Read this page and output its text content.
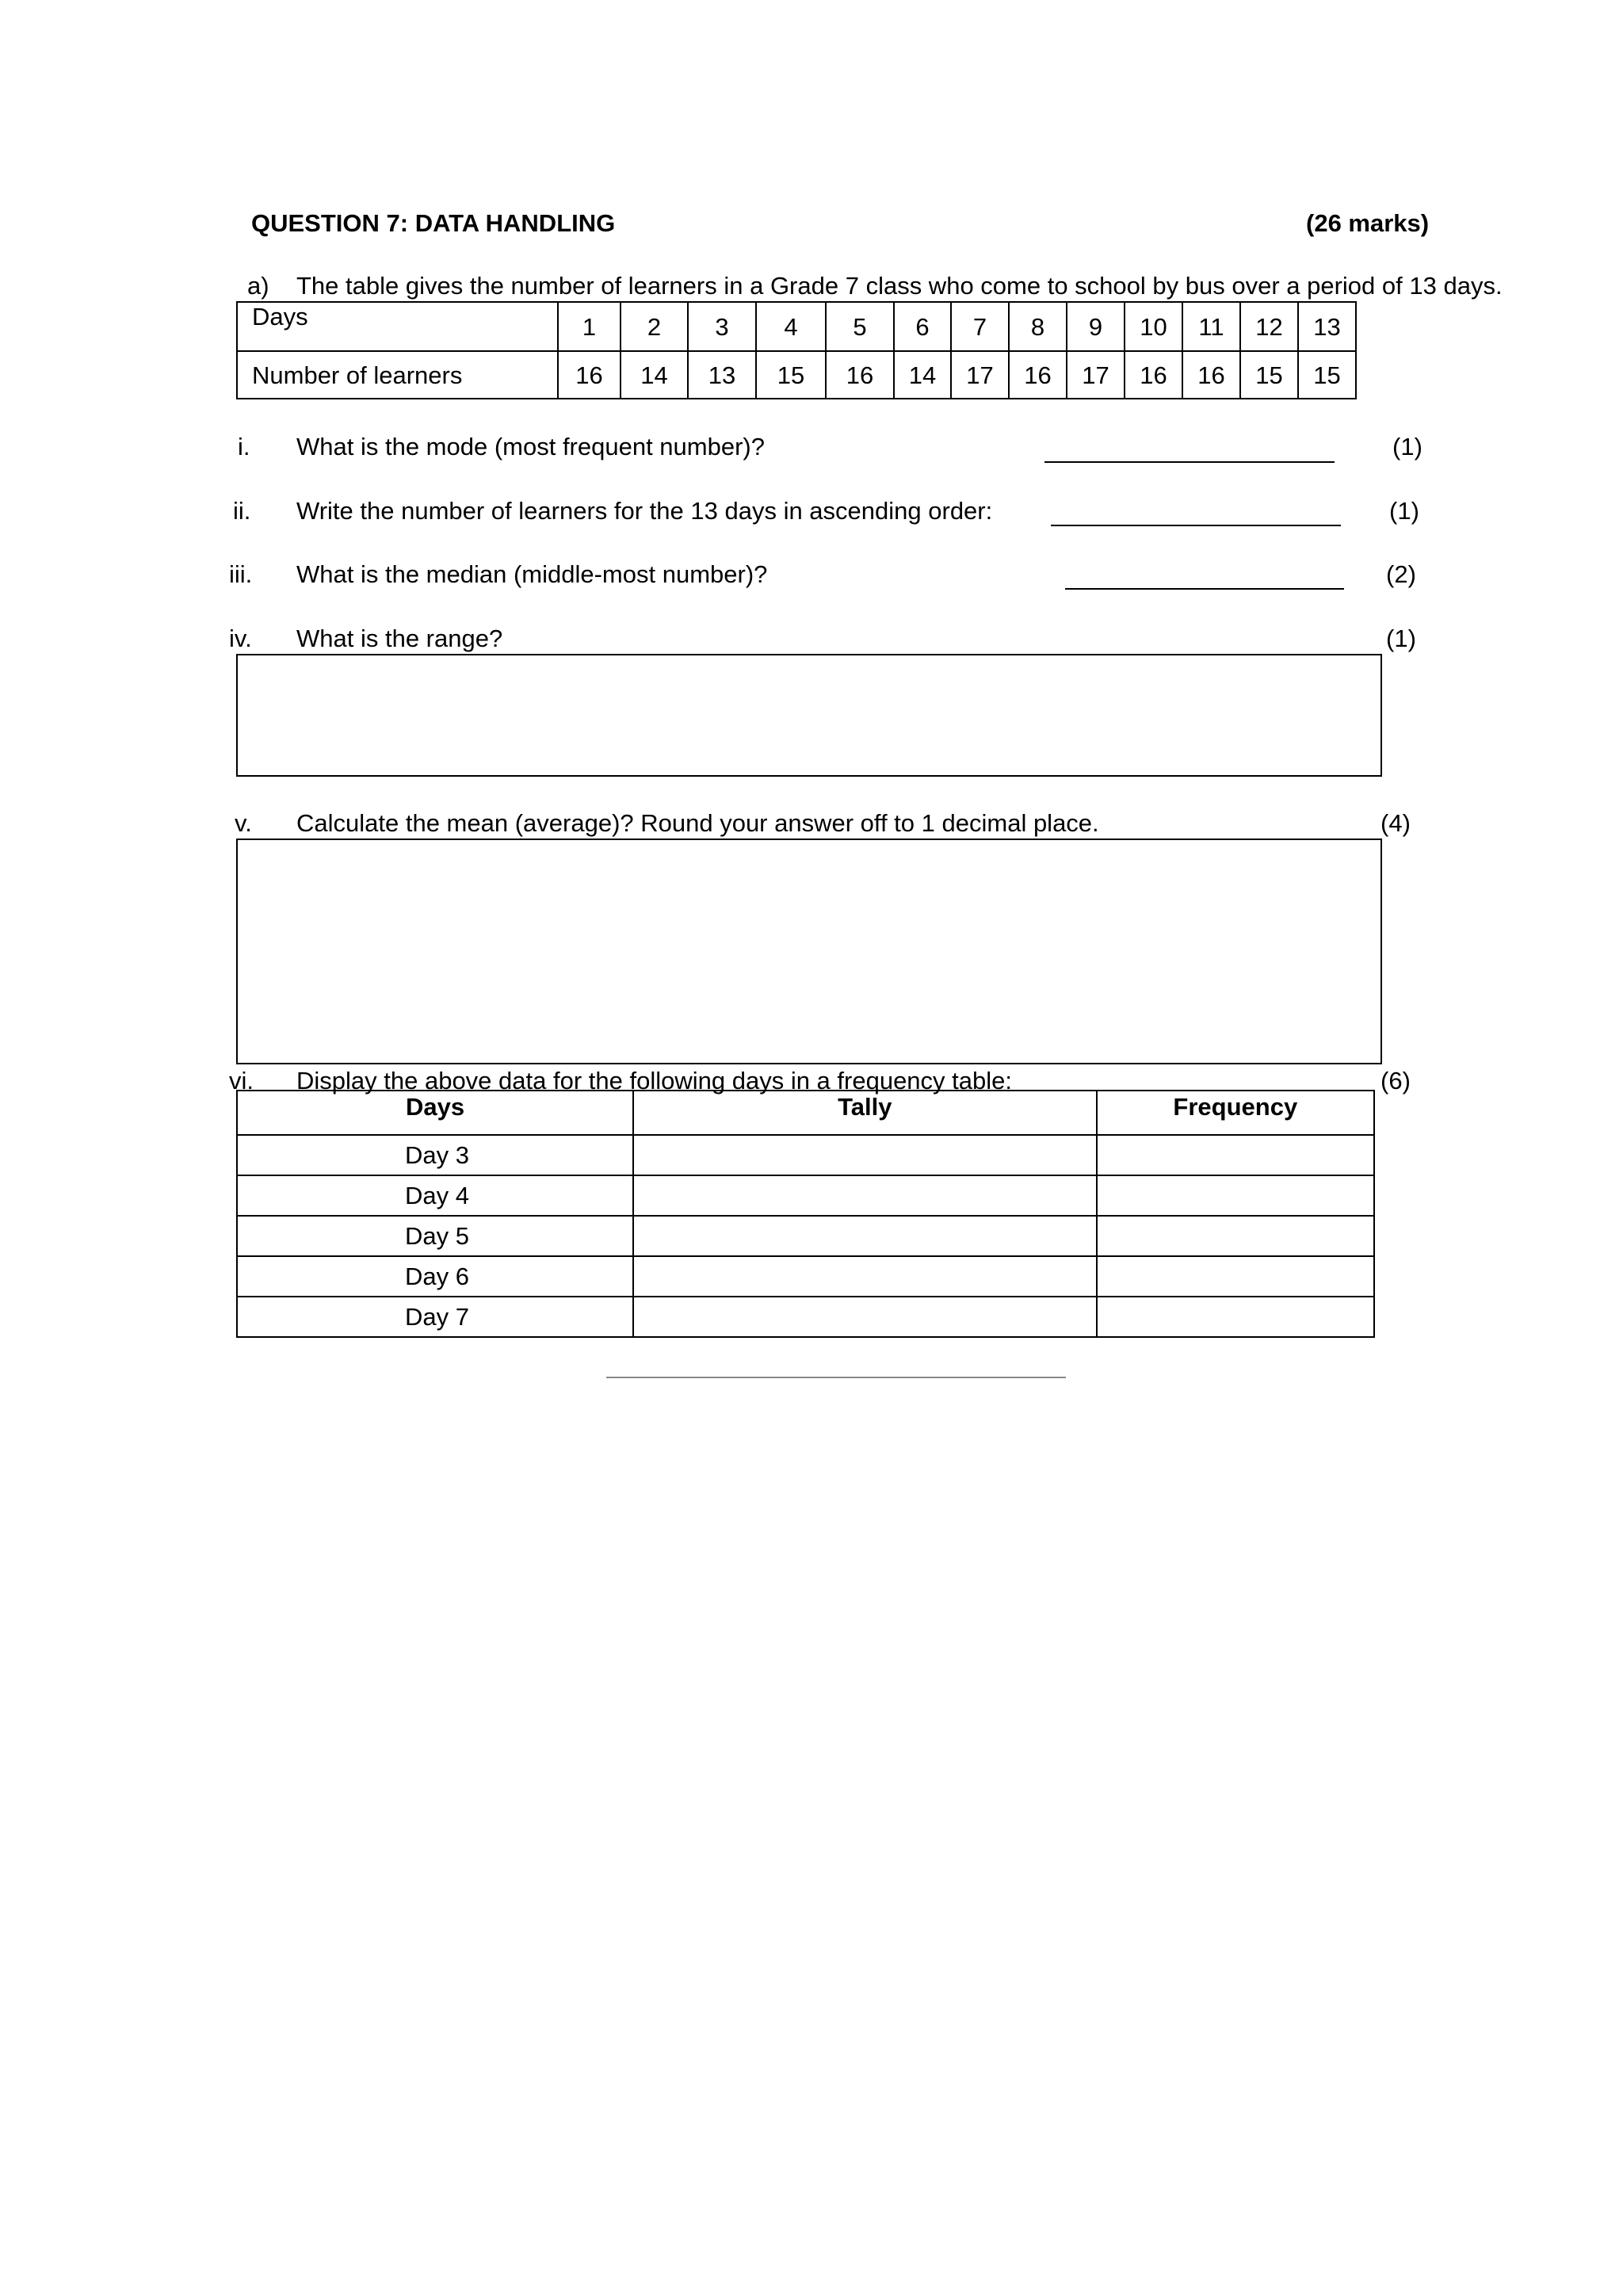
QUESTION 7: DATA HANDLING	(26 marks)
a) The table gives the number of learners in a Grade 7 class who come to school by bus over a period of 13 days.
Days	1	2	3	4	5	6	7	8	9	10	11	12	13
Number of learners	16	14	13	15	16	14	17	16	17	16	16	15	15
i. What is the mode (most frequent number)?	(1)
ii. Write the number of learners for the 13 days in ascending order:	(1)
iii. What is the median (middle-most number)?	(2)
iv. What is the range?	(1)
v. Calculate the mean (average)? Round your answer off to 1 decimal place.	(4)
vi. Display the above data for the following days in a frequency table:	(6)
Days	Tally	Frequency
Day 3		
Day 4		
Day 5		
Day 6		
Day 7		
